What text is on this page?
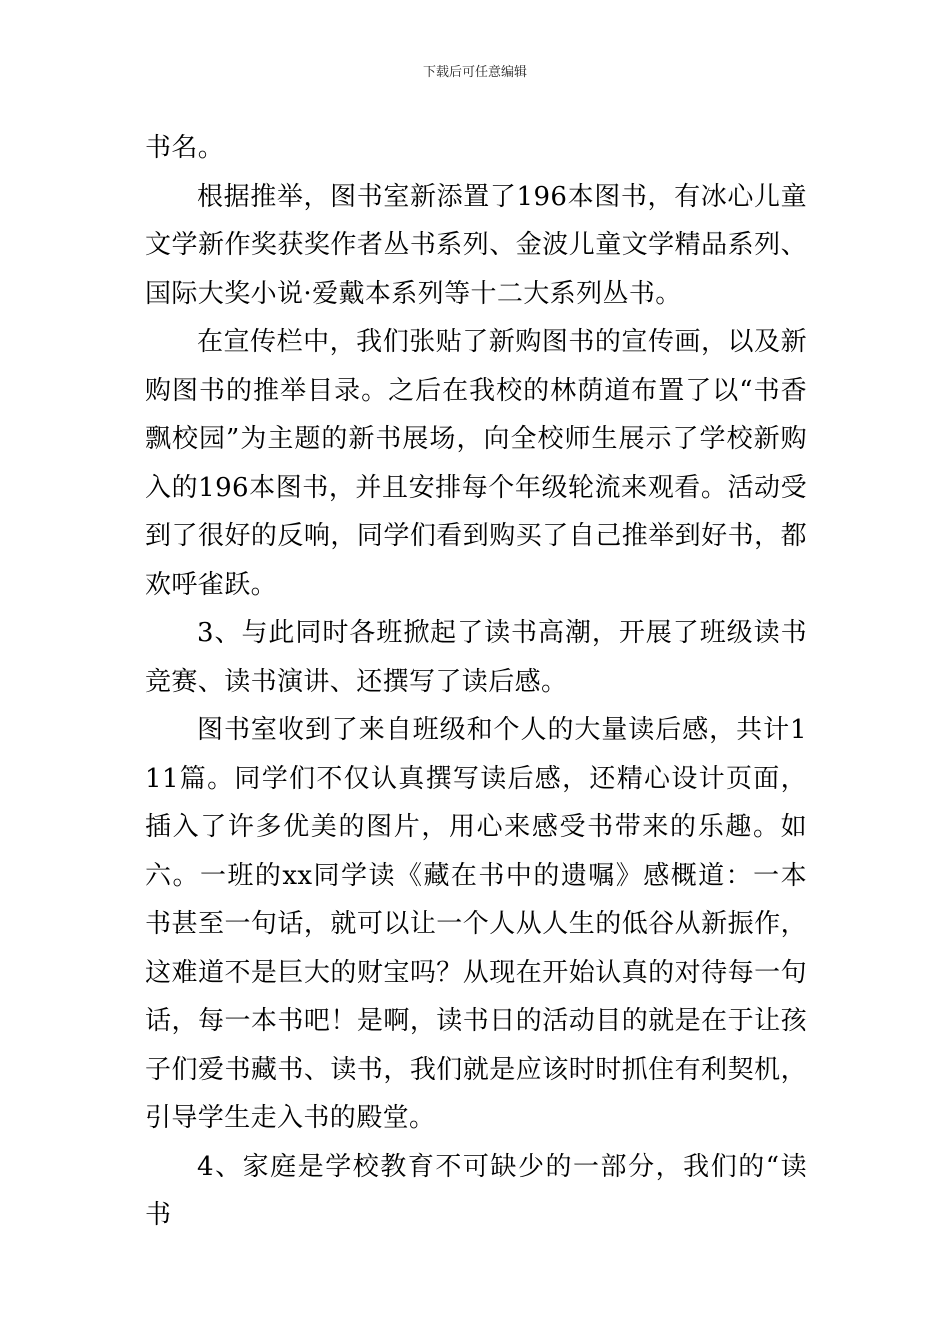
下载后可任意编辑

书名。

根据推举，图书室新添置了196本图书，有冰心儿童文学新作奖获奖作者丛书系列、金波儿童文学精品系列、国际大奖小说·爱戴本系列等十二大系列丛书。

在宣传栏中，我们张贴了新购图书的宣传画，以及新购图书的推举目录。之后在我校的林荫道布置了以“书香飘校园”为主题的新书展场，向全校师生展示了学校新购入的196本图书，并且安排每个年级轮流来观看。活动受到了很好的反响，同学们看到购买了自己推举到好书，都欢呼雀跃。

3、与此同时各班掀起了读书高潮，开展了班级读书竞赛、读书演讲、还撰写了读后感。

图书室收到了来自班级和个人的大量读后感，共计111篇。同学们不仅认真撰写读后感，还精心设计页面，插入了许多优美的图片，用心来感受书带来的乐趣。如六。一班的xx同学读《藏在书中的遗嘱》感概道：一本书甚至一句话，就可以让一个人从人生的低谷从新振作，这难道不是巨大的财宝吗？从现在开始认真的对待每一句话，每一本书吧！是啊，读书日的活动目的就是在于让孩子们爱书藏书、读书，我们就是应该时时抓住有利契机，引导学生走入书的殿堂。

4、家庭是学校教育不可缺少的一部分，我们的“读书
